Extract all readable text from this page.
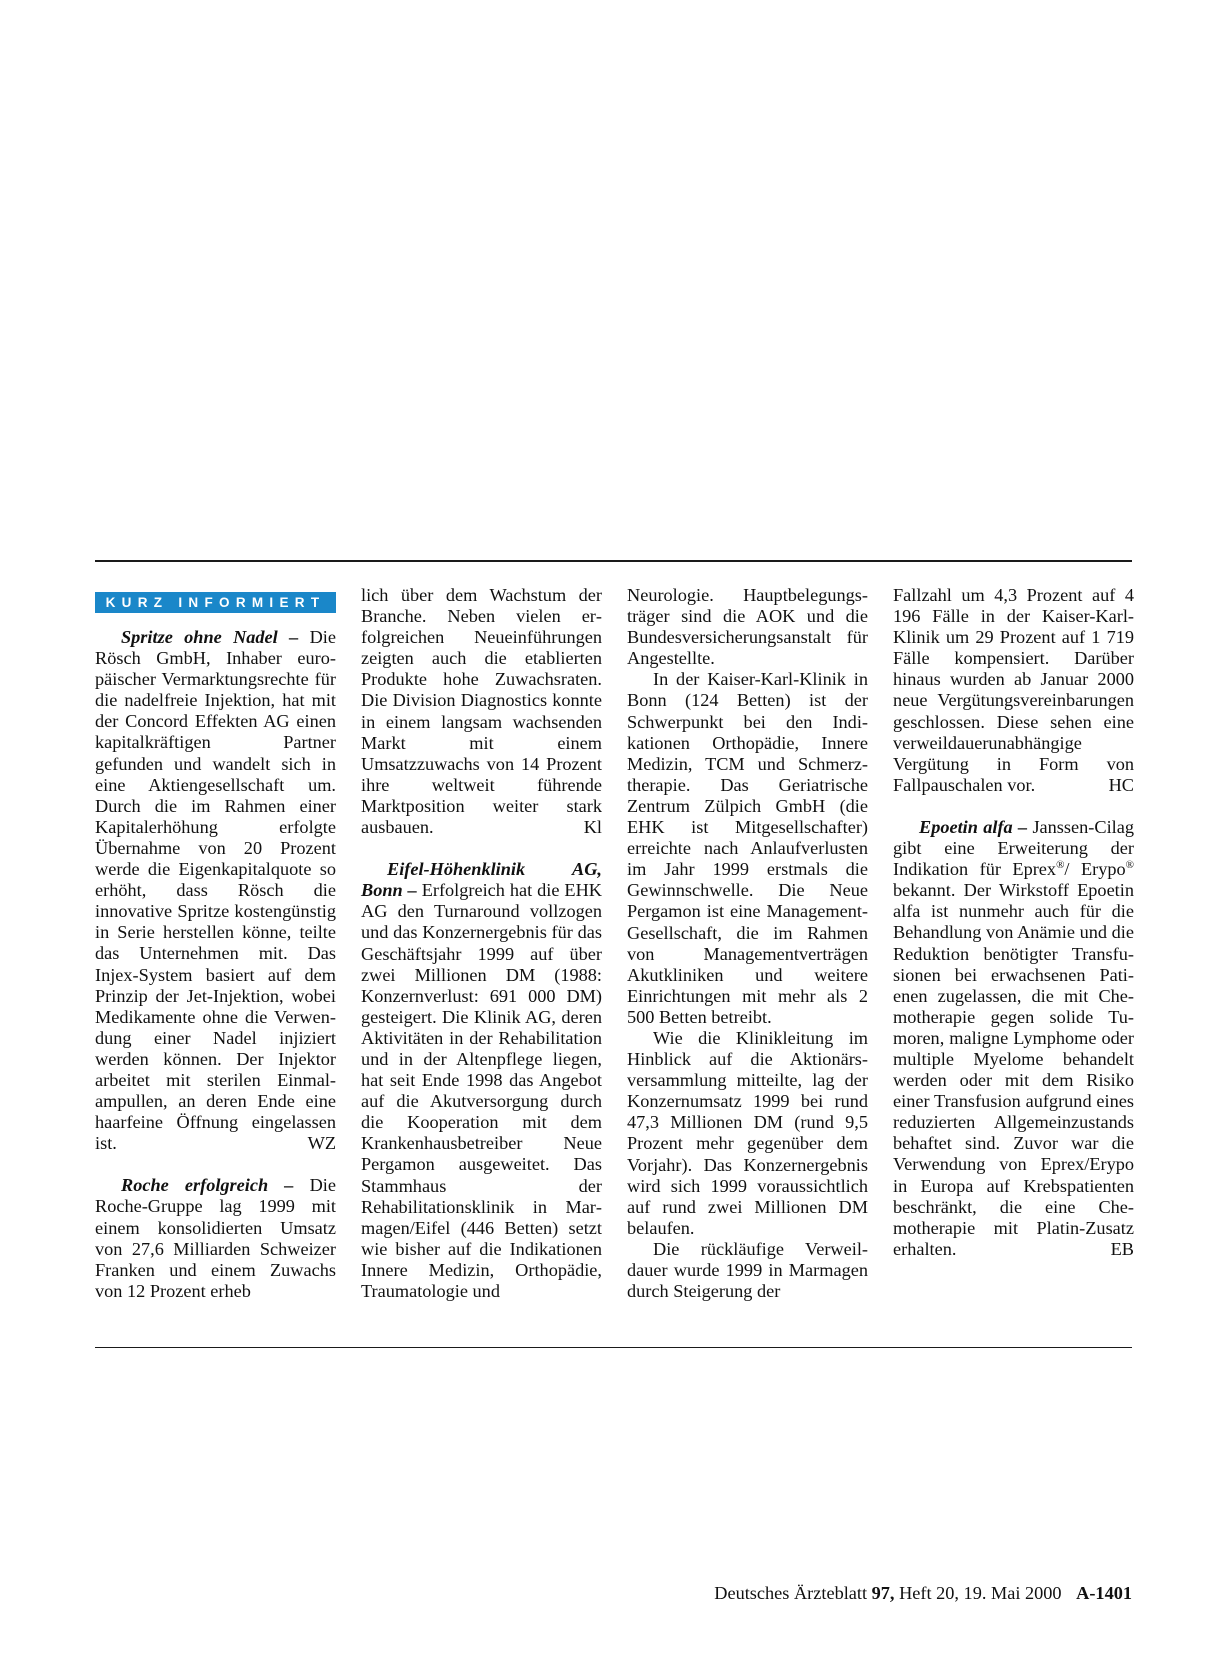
KURZ INFORMIERT

Spritze ohne Nadel – Die Rösch GmbH, Inhaber europäischer Vermarktungsrechte für die nadelfreie Injektion, hat mit der Concord Effekten AG einen kapitalkräftigen Partner gefunden und wandelt sich in eine Aktiengesellschaft um. Durch die im Rahmen einer Kapitalerhöhung erfolgte Übernahme von 20 Prozent werde die Eigenkapitalquote so erhöht, dass Rösch die innovative Spritze kostengünstig in Serie herstellen könne, teilte das Unternehmen mit. Das Injex-System basiert auf dem Prinzip der Jet-Injektion, wobei Medikamente ohne die Verwendung einer Nadel injiziert werden können. Der Injektor arbeitet mit sterilen Einmalampullen, an deren Ende eine haarfeine Öffnung eingelassen ist.	WZ

Roche erfolgreich – Die Roche-Gruppe lag 1999 mit einem konsolidierten Umsatz von 27,6 Milliarden Schweizer Franken und einem Zuwachs von 12 Prozent erheb

lich über dem Wachstum der Branche. Neben vielen erfolgreichen Neueinführungen zeigten auch die etablierten Produkte hohe Zuwachsraten. Die Division Diagnostics konnte in einem langsam wachsenden Markt mit einem Umsatzzuwachs von 14 Prozent ihre weltweit führende Marktposition weiter stark ausbauen.	Kl

Eifel-Höhenklinik AG, Bonn – Erfolgreich hat die EHK AG den Turnaround vollzogen und das Konzernergebnis für das Geschäftsjahr 1999 auf über zwei Millionen DM (1988: Konzernverlust: 691 000 DM) gesteigert. Die Klinik AG, deren Aktivitäten in der Rehabilitation und in der Altenpflege liegen, hat seit Ende 1998 das Angebot auf die Akutversorgung durch die Kooperation mit dem Krankenhausbetreiber Neue Pergamon ausgeweitet. Das Stammhaus der Rehabilitationsklinik in Marmagen/Eifel (446 Betten) setzt wie bisher auf die Indikationen Innere Medizin, Orthopädie, Traumatologie und

Neurologie. Hauptbelegungsträger sind die AOK und die Bundesversicherungsanstalt für Angestellte.

In der Kaiser-Karl-Klinik in Bonn (124 Betten) ist der Schwerpunkt bei den Indikationen Orthopädie, Innere Medizin, TCM und Schmerztherapie. Das Geriatrische Zentrum Zülpich GmbH (die EHK ist Mitgesellschafter) erreichte nach Anlaufverlusten im Jahr 1999 erstmals die Gewinnschwelle. Die Neue Pergamon ist eine Management-Gesellschaft, die im Rahmen von Managementverträgen Akutkliniken und weitere Einrichtungen mit mehr als 2 500 Betten betreibt.

Wie die Klinikleitung im Hinblick auf die Aktionärsversammlung mitteilte, lag der Konzernumsatz 1999 bei rund 47,3 Millionen DM (rund 9,5 Prozent mehr gegenüber dem Vorjahr). Das Konzernergebnis wird sich 1999 voraussichtlich auf rund zwei Millionen DM belaufen.

Die rückläufige Verweildauer wurde 1999 in Marmagen durch Steigerung der

Fallzahl um 4,3 Prozent auf 4 196 Fälle in der Kaiser-Karl-Klinik um 29 Prozent auf 1 719 Fälle kompensiert. Darüber hinaus wurden ab Januar 2000 neue Vergütungsvereinbarungen geschlossen. Diese sehen eine verweildauerunabhängige Vergütung in Form von Fallpauschalen vor.	HC

Epoetin alfa – Janssen-Cilag gibt eine Erweiterung der Indikation für Eprex®/ Erypo® bekannt. Der Wirkstoff Epoetin alfa ist nunmehr auch für die Behandlung von Anämie und die Reduktion benötigter Transfusionen bei erwachsenen Patienen zugelassen, die mit Chemotherapie gegen solide Tumoren, maligne Lymphome oder multiple Myelome behandelt werden oder mit dem Risiko einer Transfusion aufgrund eines reduzierten Allgemeinzustands behaftet sind. Zuvor war die Verwendung von Eprex/Erypo in Europa auf Krebspatienten beschränkt, die eine Chemotherapie mit Platin-Zusatz erhalten.	EB

Deutsches Ärzteblatt 97, Heft 20, 19. Mai 2000 A-1401
